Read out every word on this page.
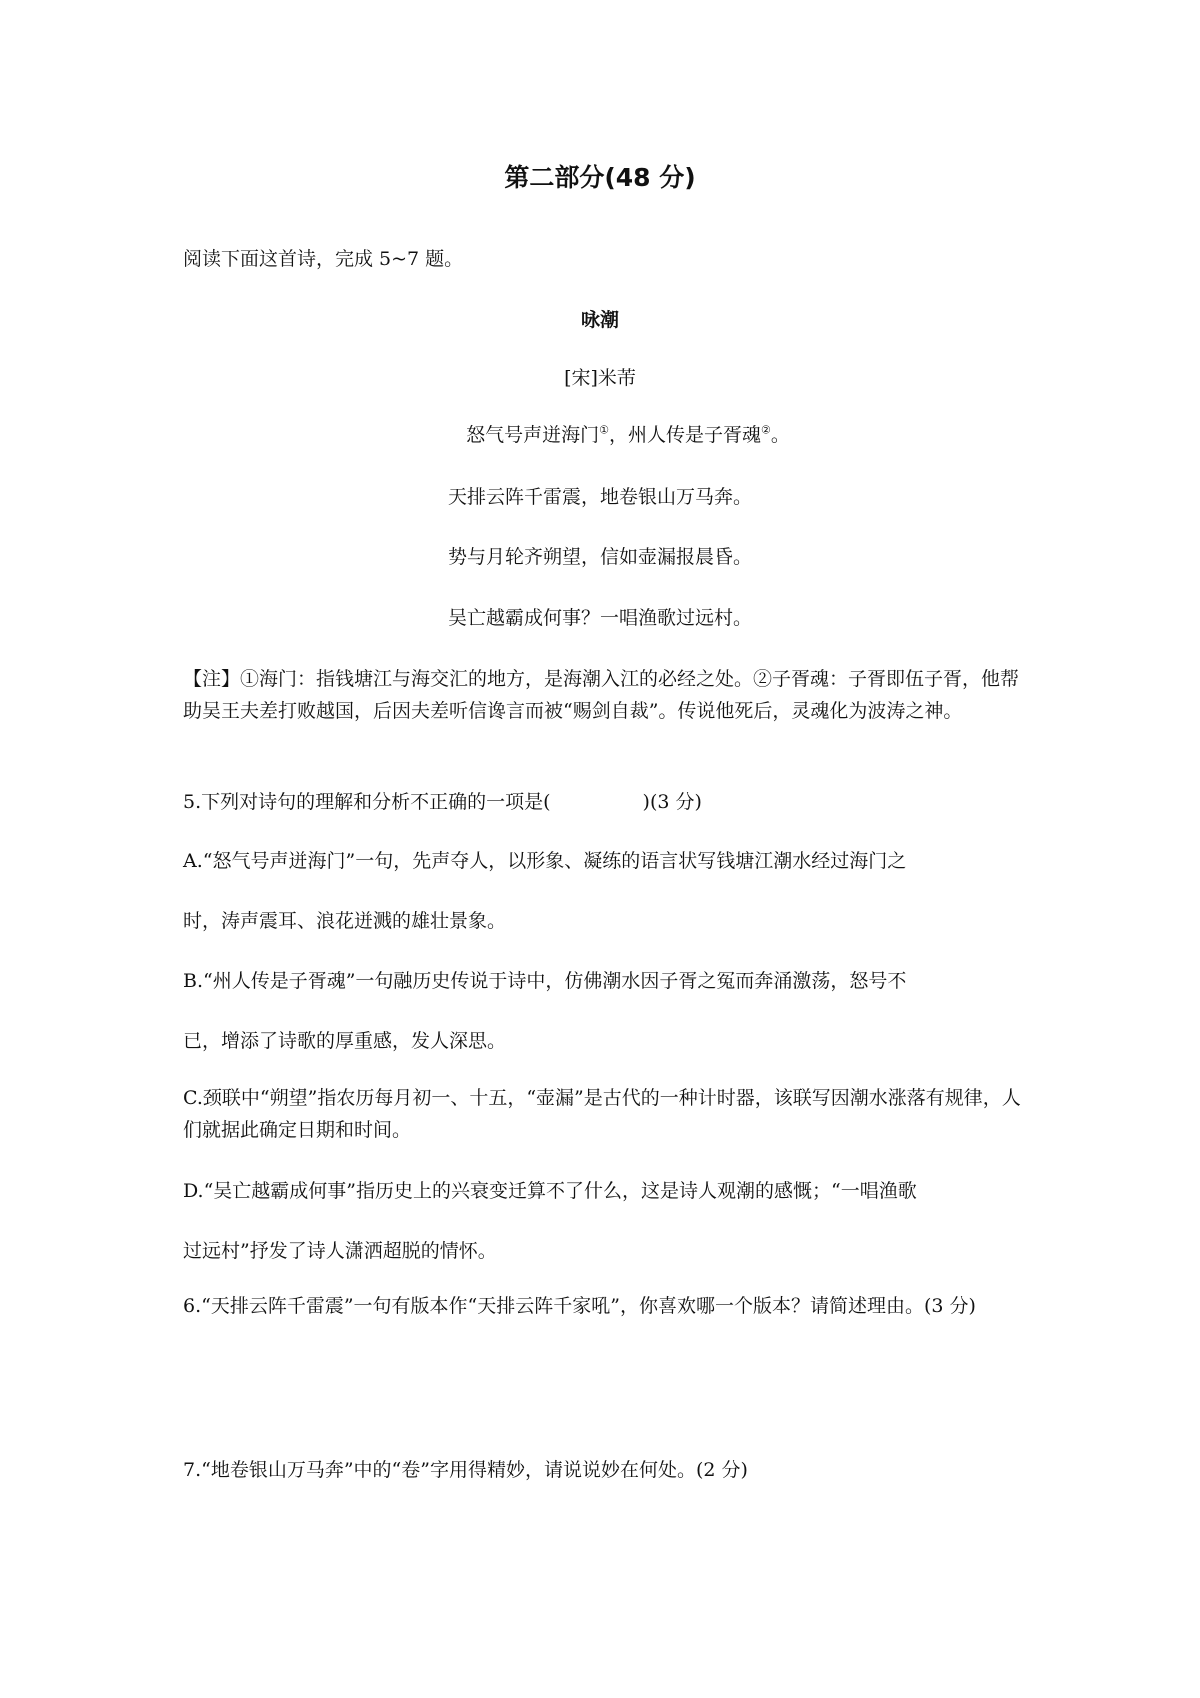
第二部分(48 分)
阅读下面这首诗，完成 5~7 题。
咏潮
[宋]米芾
怒气号声迸海门①，州人传是子胥魂②。
天排云阵千雷震，地卷银山万马奔。
势与月轮齐朔望，信如壶漏报晨昏。
吴亡越霸成何事？一唱渔歌过远村。
【注】①海门：指钱塘江与海交汇的地方，是海潮入江的必经之处。②子胥魂：子胥即伍子胥，他帮助吴王夫差打败越国，后因夫差听信谗言而被“赐剑自裁”。传说他死后，灵魂化为波涛之神。
5.下列对诗句的理解和分析不正确的一项是(	)(3 分)
A.“怒气号声迸海门”一句，先声夺人，以形象、凝练的语言状写钱塘江潮水经过海门之
时，涛声震耳、浪花迸溅的雄壮景象。
B.“州人传是子胥魂”一句融历史传说于诗中，仿佛潮水因子胥之冤而奔涌激荡，怒号不
已，增添了诗歌的厚重感，发人深思。
C.颈联中“朔望”指农历每月初一、十五，“壶漏”是古代的一种计时器，该联写因潮水涨落有规律，人们就据此确定日期和时间。
D.“吴亡越霸成何事”指历史上的兴衰变迁算不了什么，这是诗人观潮的感慨；“一唱渔歌
过远村”抒发了诗人潇洒超脱的情怀。
6.“天排云阵千雷震”一句有版本作“天排云阵千家吼”，你喜欢哪一个版本？请简述理由。(3 分)
7.“地卷银山万马奔”中的“卷”字用得精妙，请说说妙在何处。(2 分)
